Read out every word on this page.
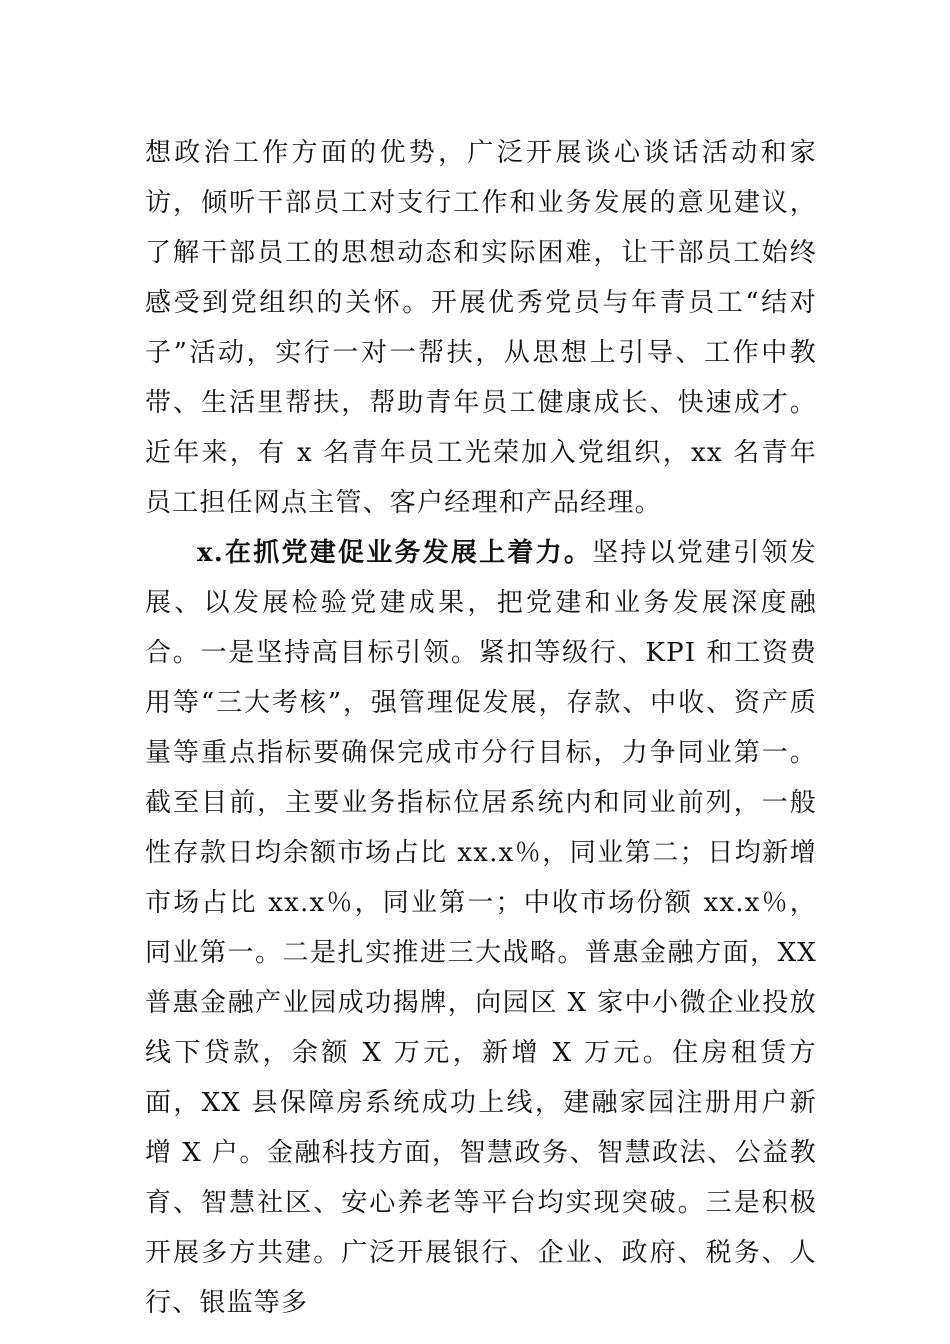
想政治工作方面的优势，广泛开展谈心谈话活动和家访，倾听干部员工对支行工作和业务发展的意见建议，了解干部员工的思想动态和实际困难，让干部员工始终感受到党组织的关怀。开展优秀党员与年青员工“结对子”活动，实行一对一帮扶，从思想上引导、工作中教带、生活里帮扶，帮助青年员工健康成长、快速成才。近年来，有 x 名青年员工光荣加入党组织，xx 名青年员工担任网点主管、客户经理和产品经理。

x.在抓党建促业务发展上着力。坚持以党建引领发展、以发展检验党建成果，把党建和业务发展深度融合。一是坚持高目标引领。紧扣等级行、KPI 和工资费用等“三大考核”，强管理促发展，存款、中收、资产质量等重点指标要确保完成市分行目标，力争同业第一。截至目前，主要业务指标位居系统内和同业前列，一般性存款日均余额市场占比 xx.x％，同业第二；日均新增市场占比 xx.x％，同业第一；中收市场份额 xx.x％，同业第一。二是扎实推进三大战略。普惠金融方面，XX 普惠金融产业园成功揭牌，向园区 X 家中小微企业投放线下贷款，余额 X 万元，新增 X 万元。住房租赁方面，XX 县保障房系统成功上线，建融家园注册用户新增 X 户。金融科技方面，智慧政务、智慧政法、公益教育、智慧社区、安心养老等平台均实现突破。三是积极开展多方共建。广泛开展银行、企业、政府、税务、人行、银监等多
